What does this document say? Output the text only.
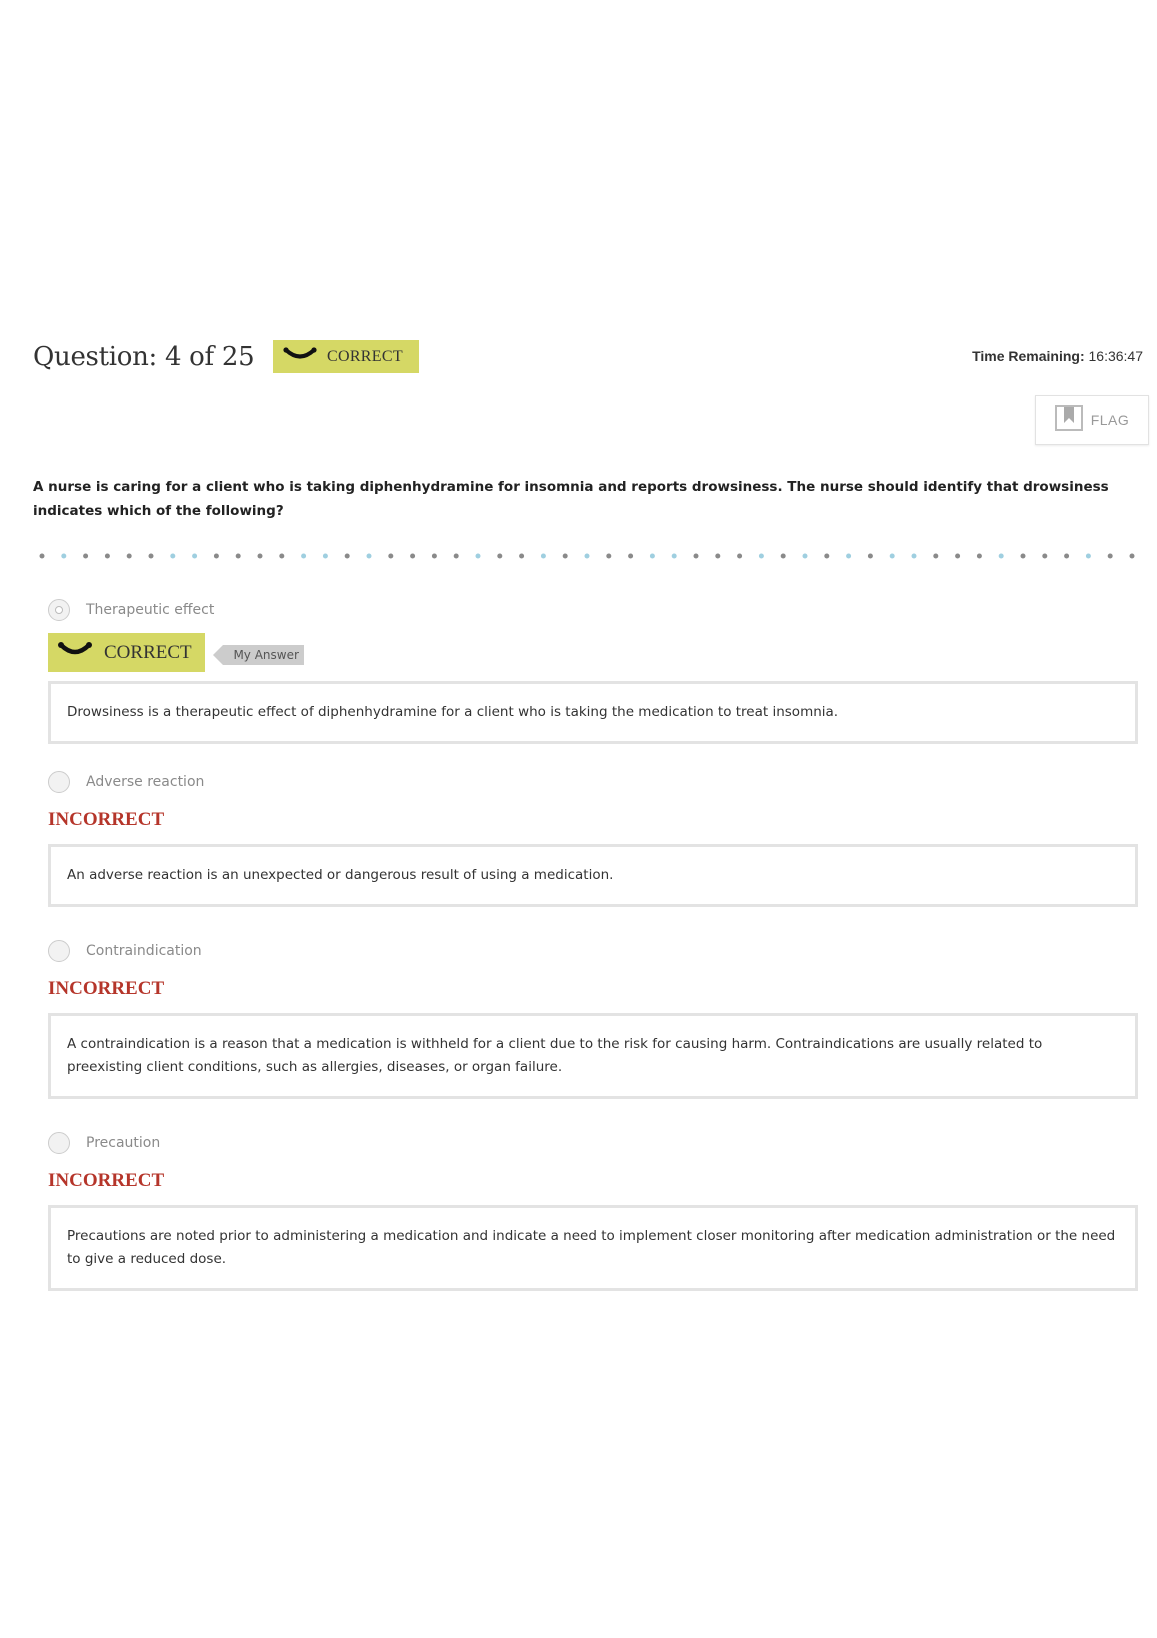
Question: 4 of 25	CORRECT	Time Remaining: 16:36:47
FLAG
A nurse is caring for a client who is taking diphenhydramine for insomnia and reports drowsiness. The nurse should identify that drowsiness indicates which of the following?
Therapeutic effect
CORRECT	My Answer
Drowsiness is a therapeutic effect of diphenhydramine for a client who is taking the medication to treat insomnia.
Adverse reaction
INCORRECT
An adverse reaction is an unexpected or dangerous result of using a medication.
Contraindication
INCORRECT
A contraindication is a reason that a medication is withheld for a client due to the risk for causing harm. Contraindications are usually related to preexisting client conditions, such as allergies, diseases, or organ failure.
Precaution
INCORRECT
Precautions are noted prior to administering a medication and indicate a need to implement closer monitoring after medication administration or the need to give a reduced dose.
